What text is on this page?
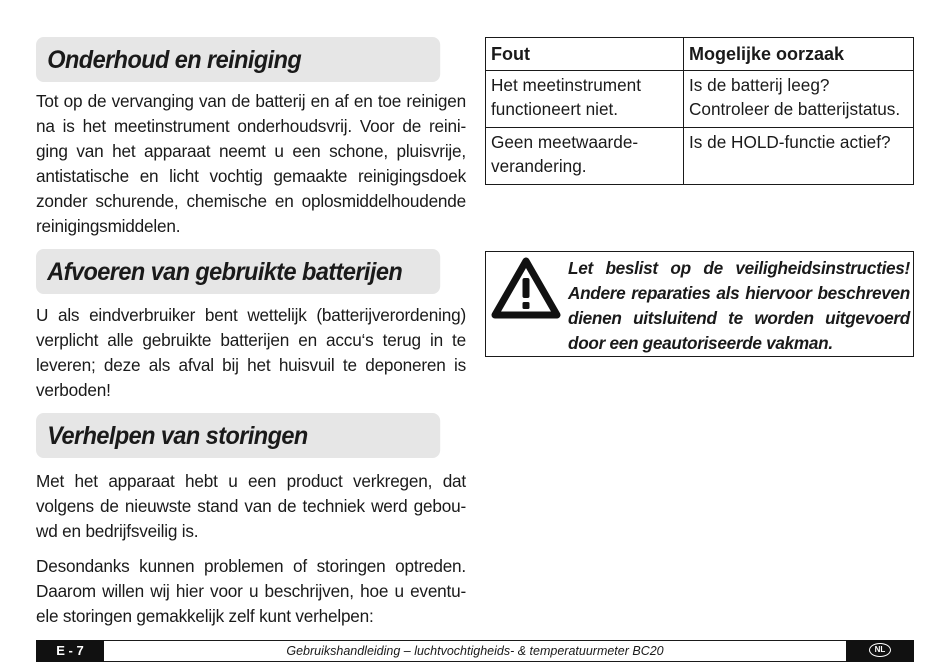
Onderhoud en reiniging

Tot op de vervanging van de batterij en af en toe reinigen na is het meetinstrument onderhoudsvrij. Voor de reini-ging van het apparaat neemt u een schone, pluisvrije, antistatische en licht vochtig gemaakte reinigingsdoek zonder schurende, chemische en oplosmiddelhoudende reinigingsmiddelen.

Afvoeren van gebruikte batterijen

U als eindverbruiker bent wettelijk (batterijverordening) verplicht alle gebruikte batterijen en accu‘s terug in te leveren; deze als afval bij het huisvuil te deponeren is verboden!

Verhelpen van storingen

Met het apparaat hebt u een product verkregen, dat volgens de nieuwste stand van de techniek werd gebou-wd en bedrijfsveilig is.

Desondanks kunnen problemen of storingen optreden. Daarom willen wij hier voor u beschrijven, hoe u eventu-ele storingen gemakkelijk zelf kunt verhelpen:

Fout	Mogelijke oorzaak
Het meetinstrument functioneert niet.	Is de batterij leeg? Controleer de batterijstatus.
Geen meetwaarde-verandering.	Is de HOLD-functie actief?
Let beslist op de veiligheidsinstructies! Andere reparaties als hiervoor beschreven dienen uitsluitend te worden uitgevoerd door een geautoriseerde vakman.
E - 7	Gebruikshandleiding – luchtvochtigheids- & temperatuurmeter BC20	NL
